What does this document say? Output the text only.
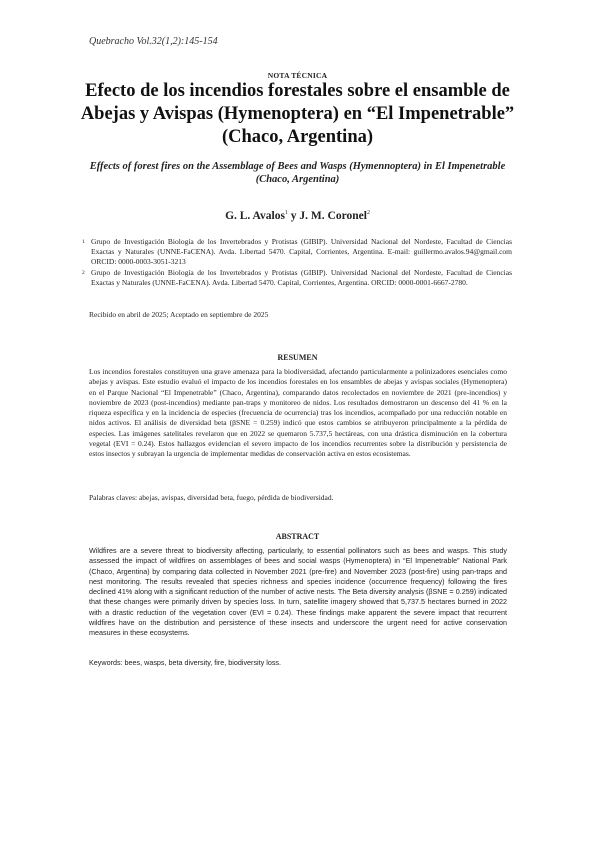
Quebracho Vol.32(1,2):145-154
NOTA TÉCNICA
Efecto de los incendios forestales sobre el ensamble de
Abejas y Avispas (Hymenoptera) en “El Impenetrable”
(Chaco, Argentina)
Effects of forest fires on the Assemblage of Bees and Wasps (Hymennoptera) in El Impenetrable
(Chaco, Argentina)
G. L. Avalos$^1$ y J. M. Coronel$^2$
1 Grupo de Investigación Biología de los Invertebrados y Protistas (GIBIP). Universidad Nacional del Nordeste, Facultad de Ciencias Exactas y Naturales (UNNE-FaCENA). Avda. Libertad 5470. Capital, Corrientes, Argentina. E-mail: guillermo.avalos.94@gmail.com ORCID: 0000-0003-3051-3213
2 Grupo de Investigación Biología de los Invertebrados y Protistas (GIBIP). Universidad Nacional del Nordeste, Facultad de Ciencias Exactas y Naturales (UNNE-FaCENA). Avda. Libertad 5470. Capital, Corrientes, Argentina. ORCID: 0000-0001-6667-2780.
Recibido en abril de 2025; Aceptado en septiembre de 2025
RESUMEN
Los incendios forestales constituyen una grave amenaza para la biodiversidad, afectando particularmente a polinizadores esenciales como abejas y avispas. Este estudio evaluó el impacto de los incendios forestales en los ensambles de abejas y avispas sociales (Hymenoptera) en el Parque Nacional “El Impenetrable” (Chaco, Argentina), comparando datos recolectados en noviembre de 2021 (pre-incendios) y noviembre de 2023 (post-incendios) mediante pan-traps y monitoreo de nidos. Los resultados demostraron un descenso del 41 % en la riqueza específica y en la incidencia de especies (frecuencia de ocurrencia) tras los incendios, acompañado por una reducción notable en nidos activos. El análisis de diversidad beta (βSNE = 0.259) indicó que estos cambios se atribuyeron principalmente a la pérdida de especies. Las imágenes satelitales revelaron que en 2022 se quemaron 5.737,5 hectáreas, con una drástica disminución en la cobertura vegetal (EVI = 0.24). Estos hallazgos evidencian el severo impacto de los incendios recurrentes sobre la distribución y persistencia de estos insectos y subrayan la urgencia de implementar medidas de conservación activa en estos ecosistemas.
Palabras claves: abejas, avispas, diversidad beta, fuego, pérdida de biodiversidad.
ABSTRACT
Wildfires are a severe threat to biodiversity affecting, particularly, to essential pollinators such as bees and wasps. This study assessed the impact of wildfires on assemblages of bees and social wasps (Hymenoptera) in “El Impenetrable” National Park (Chaco, Argentina) by comparing data collected in November 2021 (pre-fire) and November 2023 (post-fire) using pan-traps and nest monitoring. The results revealed that species richness and species incidence (occurrence frequency) following the fires declined 41% along with a significant reduction of the number of active nests. The Beta diversity analysis (βSNE = 0.259) indicated that these changes were primarily driven by species loss. In turn, satellite imagery showed that 5,737.5 hectares burned in 2022 with a drastic reduction of the vegetation cover (EVI = 0.24). These findings make apparent the severe impact that recurrent wildfires have on the distribution and persistence of these insects and underscore the urgent need for active conservation measures in these ecosystems.
Keywords: bees, wasps, beta diversity, fire, biodiversity loss.
